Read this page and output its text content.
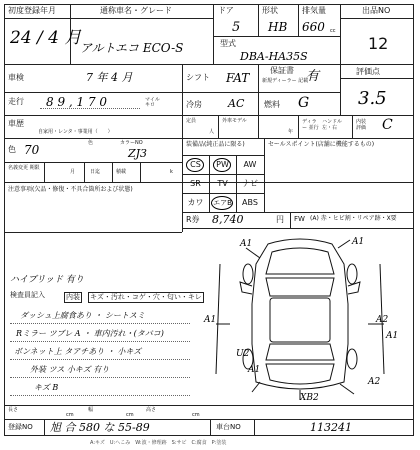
初度登録年月
24 / 4 月
通称車名・グレード
アルトエコ ECO-S
ドア
5
形状
HB
排気量
660 cc
型式
DBA-HA35S
出品NO
12
車検	7 年 4 月	シフト FAT
保証書
新規ディーラー 記載
有	評価点
3.5
走行 8 9 , 1 7 0	マイル キロ	冷房 AC 燃料 G
車歴
自家用・レンタ・事業用（　　）
定員
人
外車モデル
年
ディラー 並行
ハンドル 左・右
内装 評価 C
色 70	色	カラーNO
ZJ3
名義変更 期限
月	日迄	積載	k
注意事項(欠品・修復・不具合箇所および状態)
装備品(純正品に限る)	セールスポイント(店舗に機能するもの)
CS	PW	AW
SR	TV	ナビ
カワ	エアB	ABS
R券 8,740	円 FW (A) 赤・ヒビ割・リペア跡・X要
ハイブリッド 有り
検査員記入	内装 キズ・汚れ・コゲ・穴・匂い・キレ
ダッシュ上腐食あり ・ シートスミ
Rミラー ツブレ A ・ 車内汚れ・(タバコ)
ボンネット上 タアチあり ・ 小キズ
外装 ツス 小キズ 有り
キズ B
A1	A1
A1	A2
A1
U2
A1
A2
XB2
長さ
cm
幅
cm
高さ
cm
登録NO 旭 合 580 な 55-89	車台NO	113241
A:キズ　U:へこみ　W:波・修理跡　S:サビ　C:腐食　P:塗装
